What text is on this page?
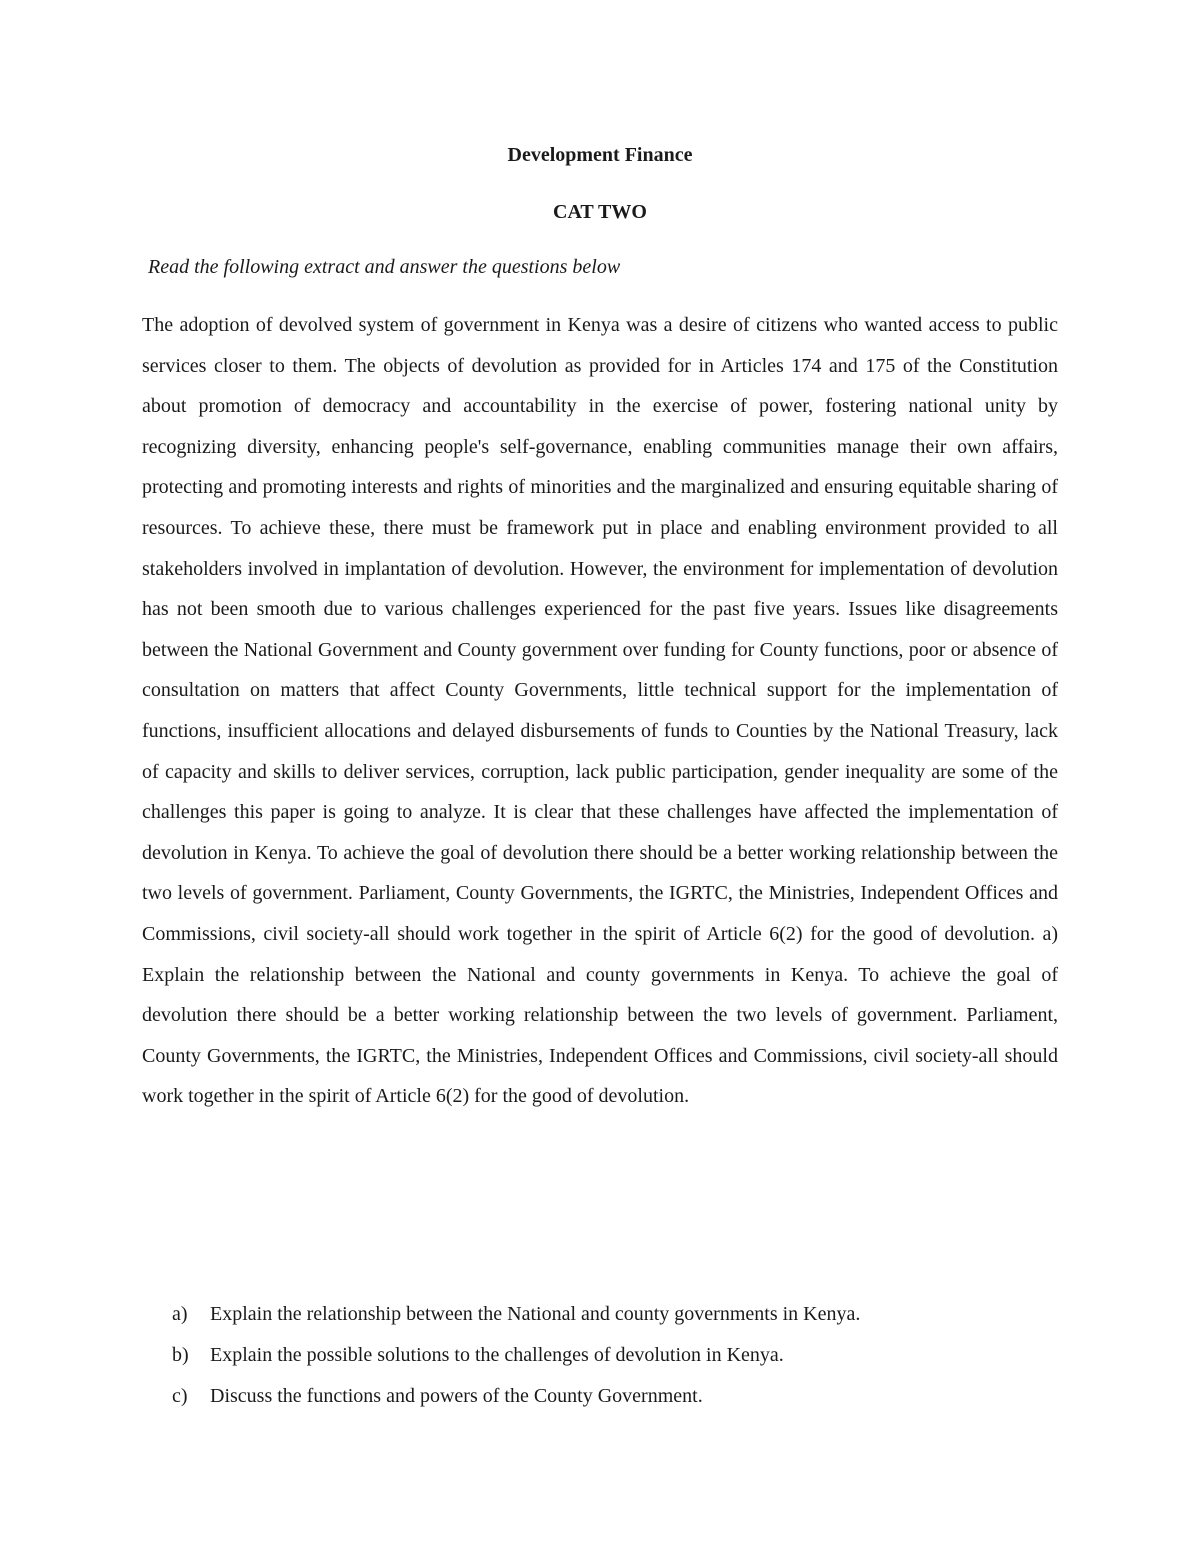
Development Finance
CAT TWO

Read the following extract and answer the questions below

The adoption of devolved system of government in Kenya was a desire of citizens who wanted access to public services closer to them. The objects of devolution as provided for in Articles 174 and 175 of the Constitution about promotion of democracy and accountability in the exercise of power, fostering national unity by recognizing diversity, enhancing people's self-governance, enabling communities manage their own affairs, protecting and promoting interests and rights of minorities and the marginalized and ensuring equitable sharing of resources. To achieve these, there must be framework put in place and enabling environment provided to all stakeholders involved in implantation of devolution. However, the environment for implementation of devolution has not been smooth due to various challenges experienced for the past five years. Issues like disagreements between the National Government and County government over funding for County functions, poor or absence of consultation on matters that affect County Governments, little technical support for the implementation of functions, insufficient allocations and delayed disbursements of funds to Counties by the National Treasury, lack of capacity and skills to deliver services, corruption, lack public participation, gender inequality are some of the challenges this paper is going to analyze. It is clear that these challenges have affected the implementation of devolution in Kenya. To achieve the goal of devolution there should be a better working relationship between the two levels of government. Parliament, County Governments, the IGRTC, the Ministries, Independent Offices and Commissions, civil society-all should work together in the spirit of Article 6(2) for the good of devolution. a) Explain the relationship between the National and county governments in Kenya. To achieve the goal of devolution there should be a better working relationship between the two levels of government. Parliament, County Governments, the IGRTC, the Ministries, Independent Offices and Commissions, civil society-all should work together in the spirit of Article 6(2) for the good of devolution.

a) Explain the relationship between the National and county governments in Kenya.
b) Explain the possible solutions to the challenges of devolution in Kenya.
c) Discuss the functions and powers of the County Government.
